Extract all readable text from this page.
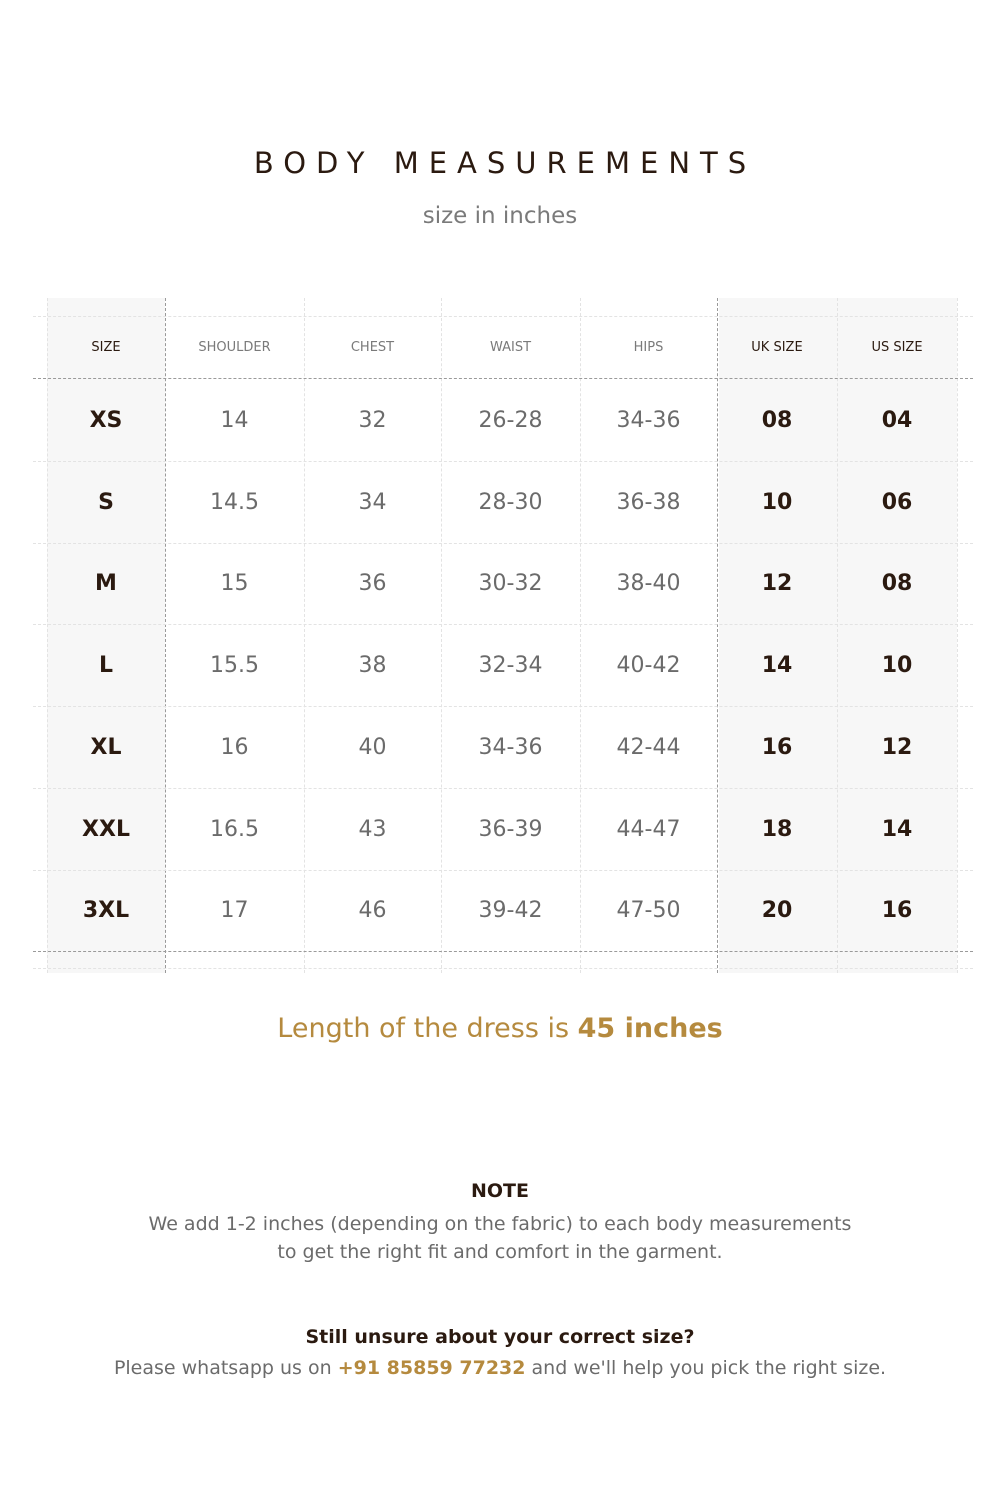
BODY MEASUREMENTS
size in inches
SIZE	SHOULDER	CHEST	WAIST	HIPS	UK SIZE	US SIZE
XS	14	32	26-28	34-36	08	04
S	14.5	34	28-30	36-38	10	06
M	15	36	30-32	38-40	12	08
L	15.5	38	32-34	40-42	14	10
XL	16	40	34-36	42-44	16	12
XXL	16.5	43	36-39	44-47	18	14
3XL	17	46	39-42	47-50	20	16
Length of the dress is 45 inches
NOTE
We add 1-2 inches (depending on the fabric) to each body measurements
to get the right fit and comfort in the garment.
Still unsure about your correct size?
Please whatsapp us on +91 85859 77232 and we'll help you pick the right size.
